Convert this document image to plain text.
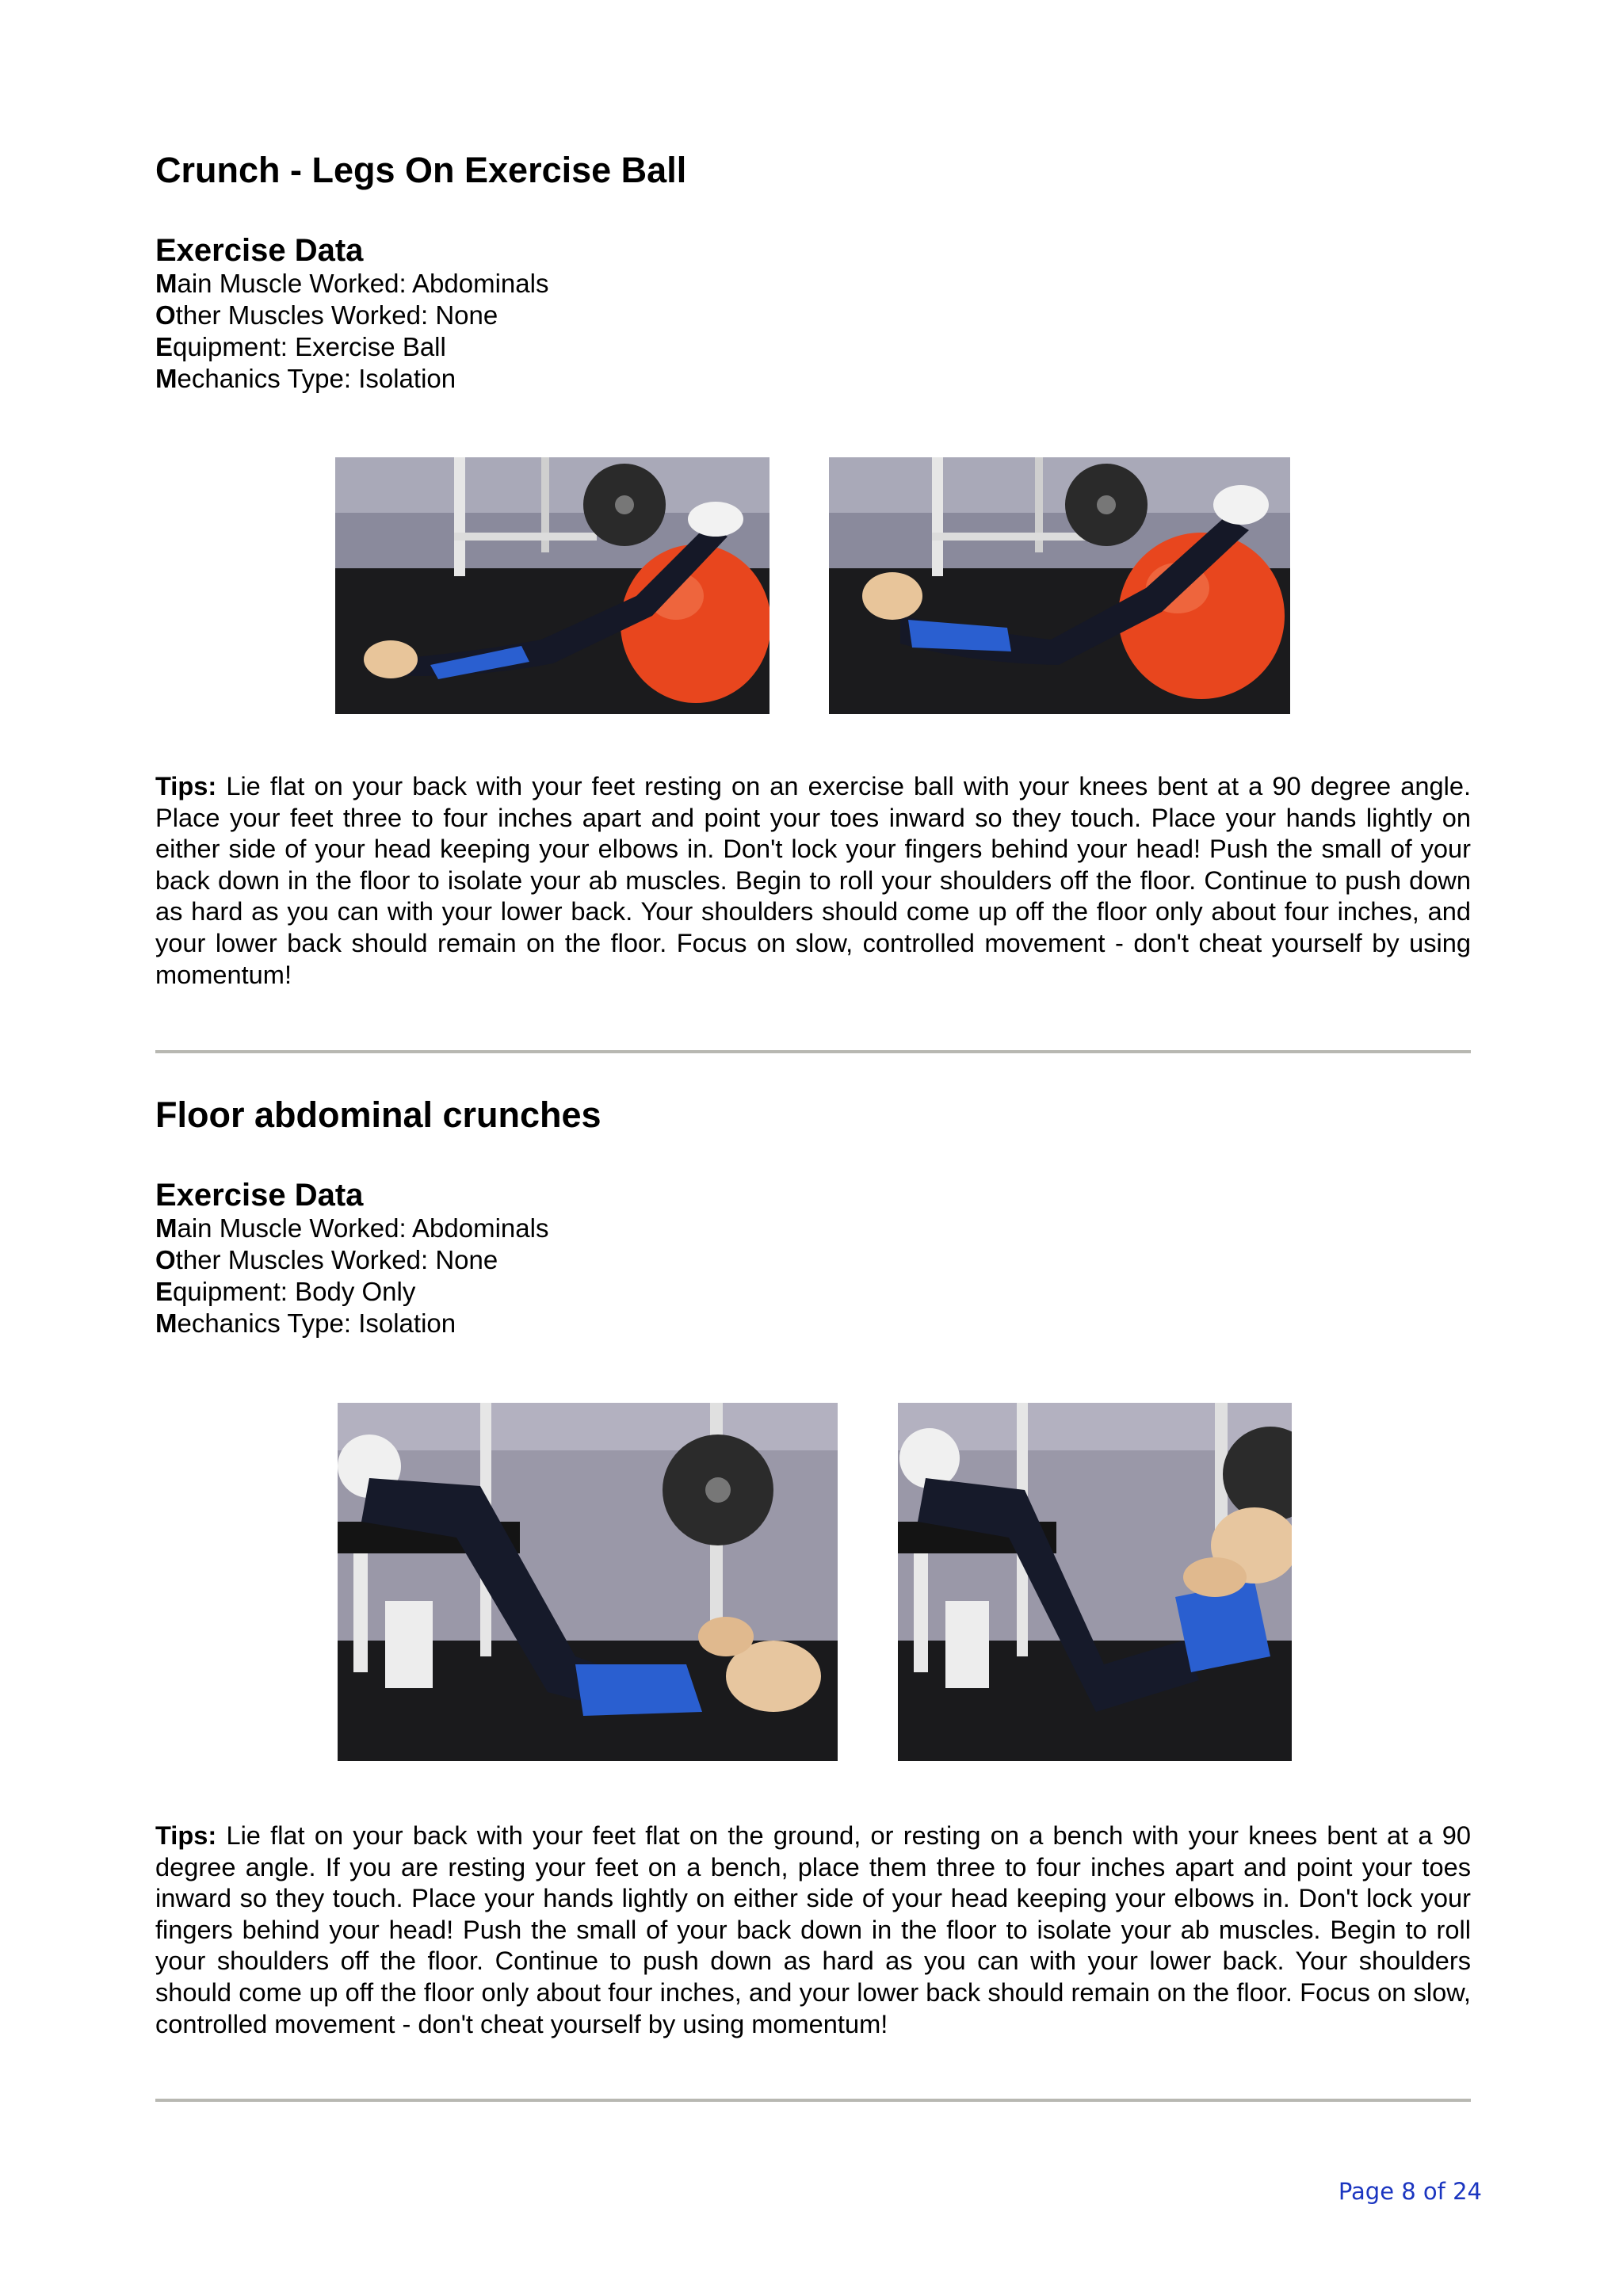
Crunch - Legs On Exercise Ball
Exercise Data
Main Muscle Worked: Abdominals
Other Muscles Worked: None
Equipment: Exercise Ball
Mechanics Type: Isolation
Tips: Lie flat on your back with your feet resting on an exercise ball with your knees bent at a 90 degree angle. Place your feet three to four inches apart and point your toes inward so they touch. Place your hands lightly on either side of your head keeping your elbows in. Don't lock your fingers behind your head! Push the small of your back down in the floor to isolate your ab muscles. Begin to roll your shoulders off the floor. Continue to push down as hard as you can with your lower back. Your shoulders should come up off the floor only about four inches, and your lower back should remain on the floor. Focus on slow, controlled movement - don't cheat yourself by using momentum!
Floor abdominal crunches
Exercise Data
Main Muscle Worked: Abdominals
Other Muscles Worked: None
Equipment: Body Only
Mechanics Type: Isolation
Tips: Lie flat on your back with your feet flat on the ground, or resting on a bench with your knees bent at a 90 degree angle. If you are resting your feet on a bench, place them three to four inches apart and point your toes inward so they touch. Place your hands lightly on either side of your head keeping your elbows in. Don't lock your fingers behind your head! Push the small of your back down in the floor to isolate your ab muscles. Begin to roll your shoulders off the floor. Continue to push down as hard as you can with your lower back. Your shoulders should come up off the floor only about four inches, and your lower back should remain on the floor. Focus on slow, controlled movement - don't cheat yourself by using momentum!
Page 8 of 24
